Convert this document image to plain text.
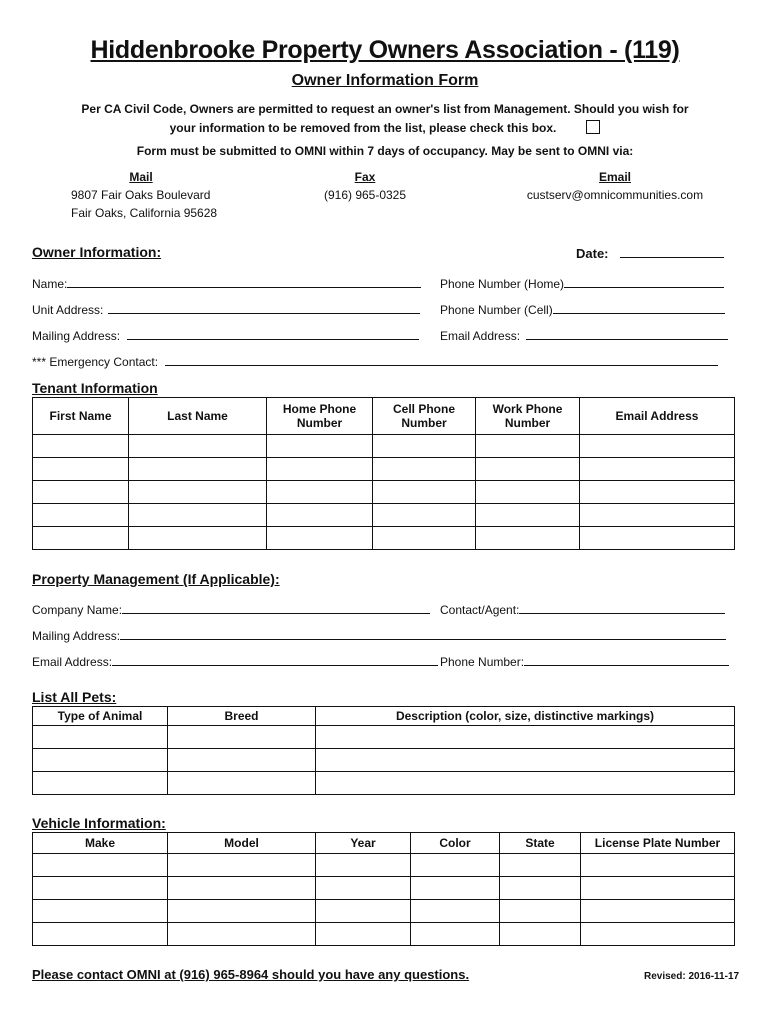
Hiddenbrooke Property Owners Association - (119)
Owner Information Form
Per CA Civil Code, Owners are permitted to request an owner's list from Management. Should you wish for
your information to be removed from the list, please check this box.
Form must be submitted to OMNI within 7 days of occupancy. May be sent to OMNI via:
Mail
9807 Fair Oaks Boulevard
Fair Oaks, California 95628
Fax
(916) 965-0325
Email
custserv@omnicommunities.com
Owner Information:	Date:
Name:	Phone Number (Home)
Unit Address:	Phone Number (Cell)
Mailing Address:	Email Address:
*** Emergency Contact:
Tenant Information
First Name	Last Name	Home Phone Number	Cell Phone Number	Work Phone Number	Email Address

Property Management (If Applicable):
Company Name:	Contact/Agent:
Mailing Address:
Email Address:	Phone Number:
List All Pets:
Type of Animal	Breed	Description (color, size, distinctive markings)

Vehicle Information:
Make	Model	Year	Color	State	License Plate Number

Please contact OMNI at (916) 965-8964 should you have any questions.	Revised: 2016-11-17
